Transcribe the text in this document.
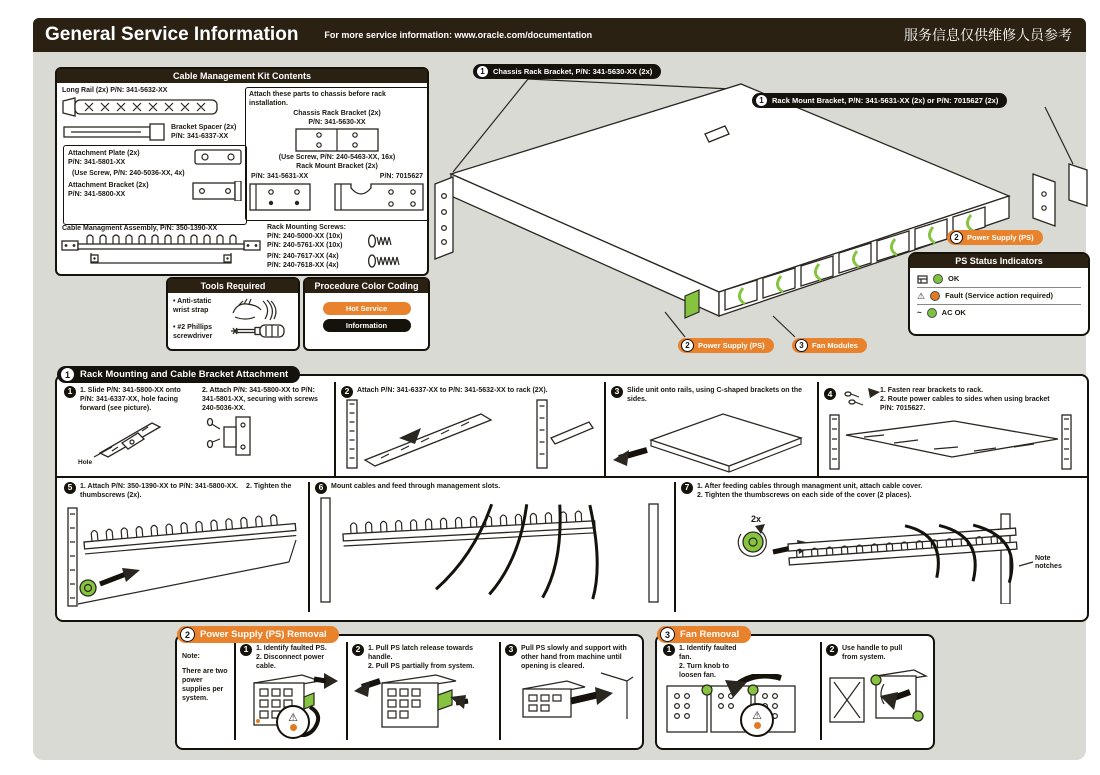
General Service Information	For more service information: www.oracle.com/documentation	服务信息仅供维修人员参考
Cable Management Kit Contents
Long Rail (2x) P/N: 341-5632-XX
Bracket Spacer (2x)
P/N: 341-6337-XX
Attachment Plate (2x)
P/N: 341-5801-XX
(Use Screw, P/N: 240-5036-XX, 4x)
Attachment Bracket (2x)
P/N: 341-5800-XX
Cable Managment Assembly, P/N: 350-1390-XX
Attach these parts to chassis before rack installation.
Chassis Rack Bracket (2x)
P/N: 341-5630-XX
(Use Screw, P/N: 240-5463-XX, 16x)
Rack Mount Bracket (2x)
P/N: 341-5631-XX	P/N: 7015627
Rack Mounting Screws:
P/N: 240-5000-XX (10x)
P/N: 240-5761-XX (10x)
P/N: 240-7617-XX (4x)
P/N: 240-7618-XX (4x)
Tools Required
• Anti-static wrist strap
• #2 Phillips screwdriver
Procedure Color Coding
Hot Service
Information
1	Chassis Rack Bracket, P/N: 341-5630-XX (2x)
1	Rack Mount Bracket, P/N: 341-5631-XX (2x) or P/N: 7015627 (2x)
2	Power Supply (PS)
2	Power Supply (PS)	3	Fan Modules
PS Status Indicators
OK
⚠	Fault (Service action required)
~	AC OK
1	1. Slide P/N: 341-5800-XX onto P/N: 341-6337-XX, hole facing forward (see picture).
2. Attach P/N: 341-5800-XX to P/N: 341-5801-XX, securing with screws 240-5036-XX.
Hole
2	Attach P/N: 341-6337-XX to P/N: 341-5632-XX to rack (2X).	3	Slide unit onto rails, using C-shaped brackets on the sides.
4	1. Fasten rear brackets to rack.
2. Route power cables to sides when using bracket P/N: 7015627.
5	1. Attach P/N: 350-1390-XX to P/N: 341-5800-XX. 2. Tighten the thumbscrews (2x).
6	Mount cables and feed through management slots.	7	1. After feeding cables through managment unit, attach cable cover.
2. Tighten the thumbscrews on each side of the cover (2 places).
2x
Note
notches
1	Rack Mounting and Cable Bracket Attachment
Note:
There are two power supplies per system.
1	1. Identify faulted PS.
2. Disconnect power cable.
2	1. Pull PS latch release towards handle.
2. Pull PS partially from system.
3	Pull PS slowly and support with other hand from machine until opening is cleared.
2	Power Supply (PS) Removal
⚠
1	1. Identify faulted fan.
2. Turn knob to
loosen fan.
2	Use handle to pull
from system.
3	Fan Removal
⚠
